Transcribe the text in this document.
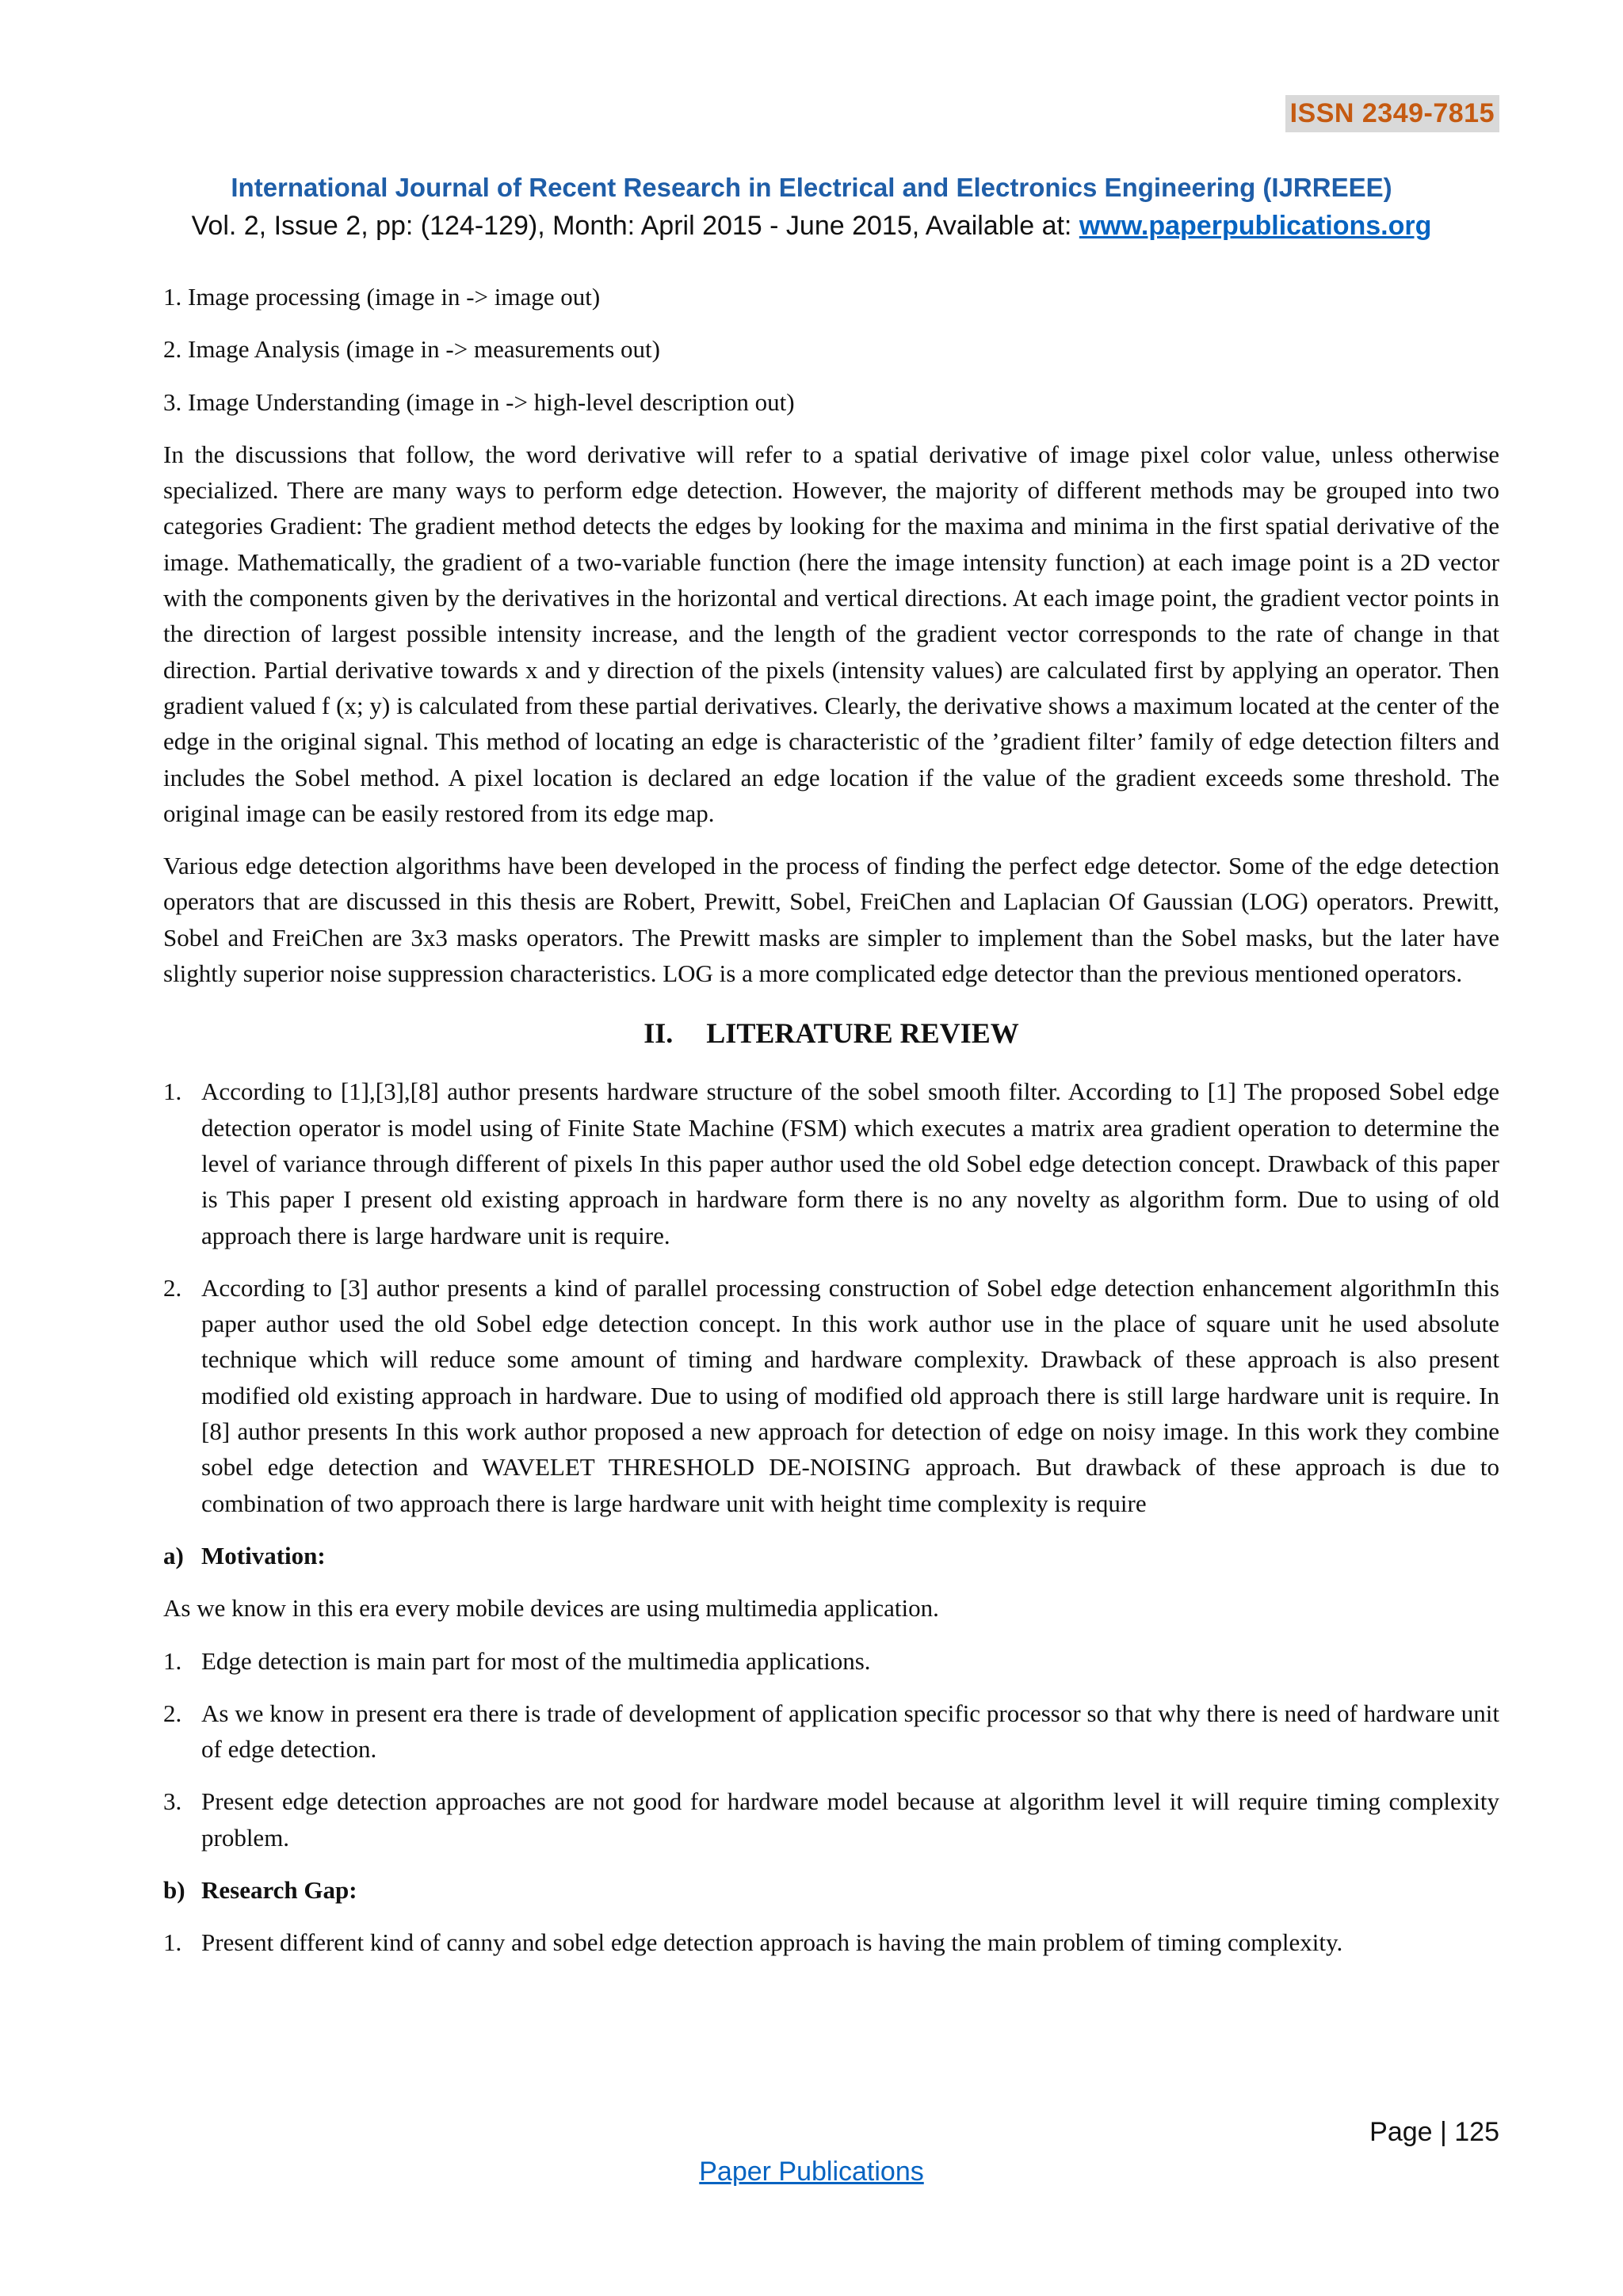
ISSN 2349-7815
International Journal of Recent Research in Electrical and Electronics Engineering (IJRREEE)
Vol. 2, Issue 2, pp: (124-129), Month: April 2015 - June 2015, Available at: www.paperpublications.org
1. Image processing (image in -> image out)
2. Image Analysis (image in -> measurements out)
3. Image Understanding (image in -> high-level description out)

In the discussions that follow, the word derivative will refer to a spatial derivative of image pixel color value, unless otherwise specialized. There are many ways to perform edge detection. However, the majority of different methods may be grouped into two categories Gradient: The gradient method detects the edges by looking for the maxima and minima in the first spatial derivative of the image. Mathematically, the gradient of a two-variable function (here the image intensity function) at each image point is a 2D vector with the components given by the derivatives in the horizontal and vertical directions. At each image point, the gradient vector points in the direction of largest possible intensity increase, and the length of the gradient vector corresponds to the rate of change in that direction. Partial derivative towards x and y direction of the pixels (intensity values) are calculated first by applying an operator. Then gradient valued f (x; y) is calculated from these partial derivatives. Clearly, the derivative shows a maximum located at the center of the edge in the original signal. This method of locating an edge is characteristic of the ’gradient filter’ family of edge detection filters and includes the Sobel method. A pixel location is declared an edge location if the value of the gradient exceeds some threshold. The original image can be easily restored from its edge map.

Various edge detection algorithms have been developed in the process of finding the perfect edge detector. Some of the edge detection operators that are discussed in this thesis are Robert, Prewitt, Sobel, FreiChen and Laplacian Of Gaussian (LOG) operators. Prewitt, Sobel and FreiChen are 3x3 masks operators. The Prewitt masks are simpler to implement than the Sobel masks, but the later have slightly superior noise suppression characteristics. LOG is a more complicated edge detector than the previous mentioned operators.

II. LITERATURE REVIEW
1. According to [1],[3],[8] author presents hardware structure of the sobel smooth filter. According to [1] The proposed Sobel edge detection operator is model using of Finite State Machine (FSM) which executes a matrix area gradient operation to determine the level of variance through different of pixels In this paper author used the old Sobel edge detection concept. Drawback of this paper is This paper I present old existing approach in hardware form there is no any novelty as algorithm form. Due to using of old approach there is large hardware unit is require.
2. According to [3] author presents a kind of parallel processing construction of Sobel edge detection enhancement algorithmIn this paper author used the old Sobel edge detection concept. In this work author use in the place of square unit he used absolute technique which will reduce some amount of timing and hardware complexity. Drawback of these approach is also present modified old existing approach in hardware. Due to using of modified old approach there is still large hardware unit is require. In [8] author presents In this work author proposed a new approach for detection of edge on noisy image. In this work they combine sobel edge detection and WAVELET THRESHOLD DE-NOISING approach. But drawback of these approach is due to combination of two approach there is large hardware unit with height time complexity is require
a) Motivation:
As we know in this era every mobile devices are using multimedia application.
1. Edge detection is main part for most of the multimedia applications.
2. As we know in present era there is trade of development of application specific processor so that why there is need of hardware unit of edge detection.
3. Present edge detection approaches are not good for hardware model because at algorithm level it will require timing complexity problem.
b) Research Gap:
1. Present different kind of canny and sobel edge detection approach is having the main problem of timing complexity.
Page | 125
Paper Publications
